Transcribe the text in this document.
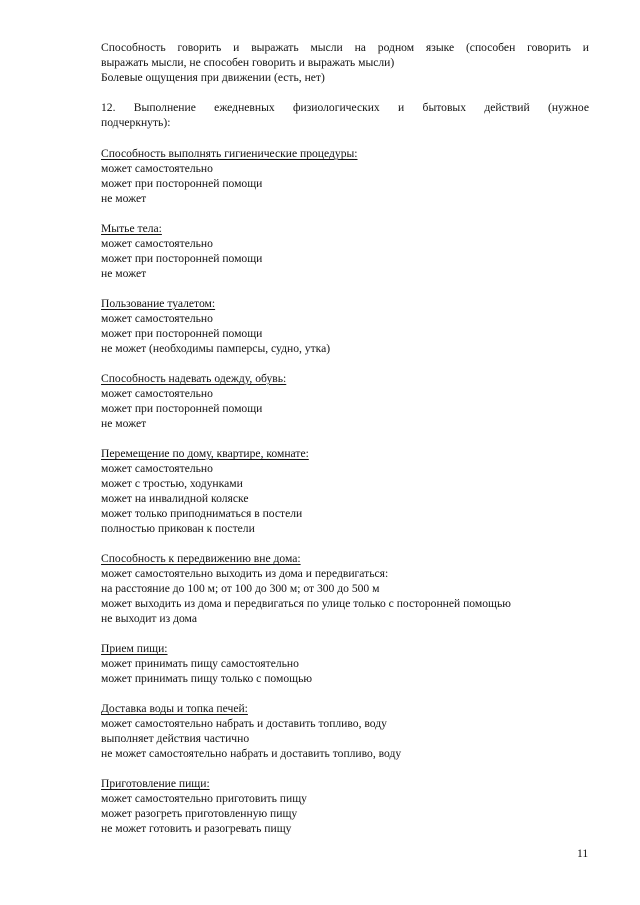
Способность говорить и выражать мысли на родном языке (способен говорить и
выражать мысли, не способен говорить и выражать мысли)
Болевые ощущения при движении (есть, нет)
12. Выполнение ежедневных физиологических и бытовых действий (нужное
подчеркнуть):
Способность выполнять гигиенические процедуры:
может самостоятельно
может при посторонней помощи
не может
Мытье тела:
может самостоятельно
может при посторонней помощи
не может
Пользование туалетом:
может самостоятельно
может при посторонней помощи
не может (необходимы памперсы, судно, утка)
Способность надевать одежду, обувь:
может самостоятельно
может при посторонней помощи
не может
Перемещение по дому, квартире, комнате:
может самостоятельно
может с тростью, ходунками
может на инвалидной коляске
может только приподниматься в постели
полностью прикован к постели
Способность к передвижению вне дома:
может самостоятельно выходить из дома и передвигаться:
на расстояние до 100 м; от 100 до 300 м; от 300 до 500 м
может выходить из дома и передвигаться по улице только с посторонней помощью
не выходит из дома
Прием пищи:
может принимать пищу самостоятельно
может принимать пищу только с помощью
Доставка воды и топка печей:
может самостоятельно набрать и доставить топливо, воду
выполняет действия частично
не может самостоятельно набрать и доставить топливо, воду
Приготовление пищи:
может самостоятельно приготовить пищу
может разогреть приготовленную пищу
не может готовить и разогревать пищу
11
